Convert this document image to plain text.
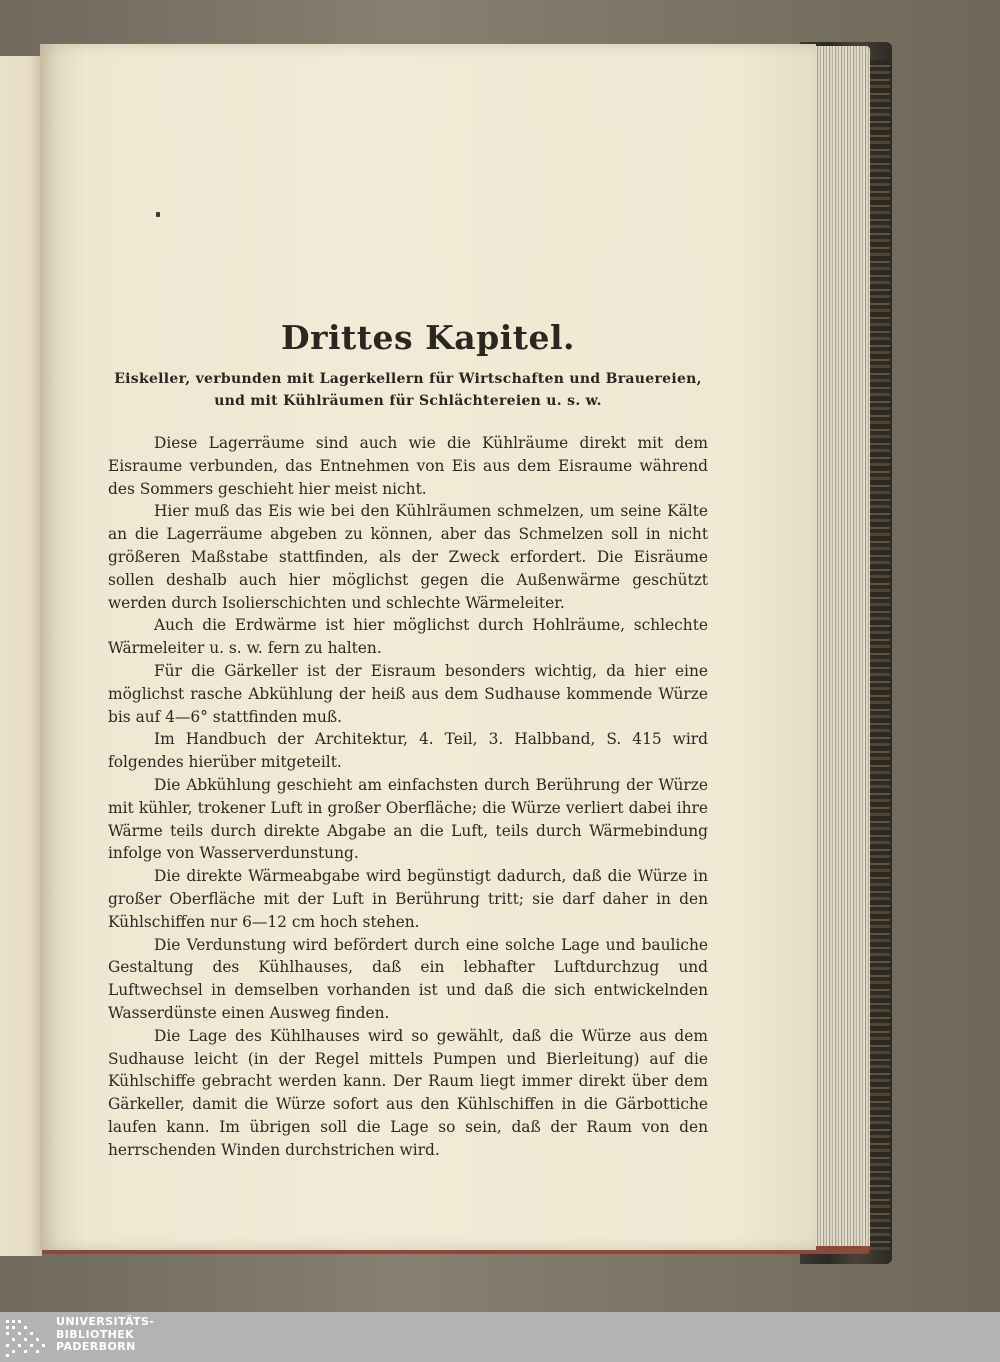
Drittes Kapitel.
Eiskeller, verbunden mit Lagerkellern für Wirtschaften und Brauereien,
und mit Kühlräumen für Schlächtereien u. s. w.

Diese Lagerräume sind auch wie die Kühlräume direkt mit dem Eisraume verbunden, das Entnehmen von Eis aus dem Eisraume während des Sommers geschieht hier meist nicht.

Hier muß das Eis wie bei den Kühlräumen schmelzen, um seine Kälte an die Lagerräume abgeben zu können, aber das Schmelzen soll in nicht größeren Maßstabe stattfinden, als der Zweck erfordert. Die Eisräume sollen deshalb auch hier möglichst gegen die Außenwärme geschützt werden durch Isolierschichten und schlechte Wärmeleiter.

Auch die Erdwärme ist hier möglichst durch Hohlräume, schlechte Wärmeleiter u. s. w. fern zu halten.

Für die Gärkeller ist der Eisraum besonders wichtig, da hier eine möglichst rasche Abkühlung der heiß aus dem Sudhause kommende Würze bis auf 4—6° stattfinden muß.

Im Handbuch der Architektur, 4. Teil, 3. Halbband, S. 415 wird folgendes hierüber mitgeteilt.

Die Abkühlung geschieht am einfachsten durch Berührung der Würze mit kühler, trokener Luft in großer Oberfläche; die Würze verliert dabei ihre Wärme teils durch direkte Abgabe an die Luft, teils durch Wärmebindung infolge von Wasserverdunstung.

Die direkte Wärmeabgabe wird begünstigt dadurch, daß die Würze in großer Oberfläche mit der Luft in Berührung tritt; sie darf daher in den Kühlschiffen nur 6—12 cm hoch stehen.

Die Verdunstung wird befördert durch eine solche Lage und bauliche Gestaltung des Kühlhauses, daß ein lebhafter Luftdurchzug und Luftwechsel in demselben vorhanden ist und daß die sich entwickelnden Wasserdünste einen Ausweg finden.

Die Lage des Kühlhauses wird so gewählt, daß die Würze aus dem Sudhause leicht (in der Regel mittels Pumpen und Bierleitung) auf die Kühlschiffe gebracht werden kann. Der Raum liegt immer direkt über dem Gärkeller, damit die Würze sofort aus den Kühlschiffen in die Gärbottiche laufen kann. Im übrigen soll die Lage so sein, daß der Raum von den herrschenden Winden durchstrichen wird.

UNIVERSITÄTS-
BIBLIOTHEK
PADERBORN
